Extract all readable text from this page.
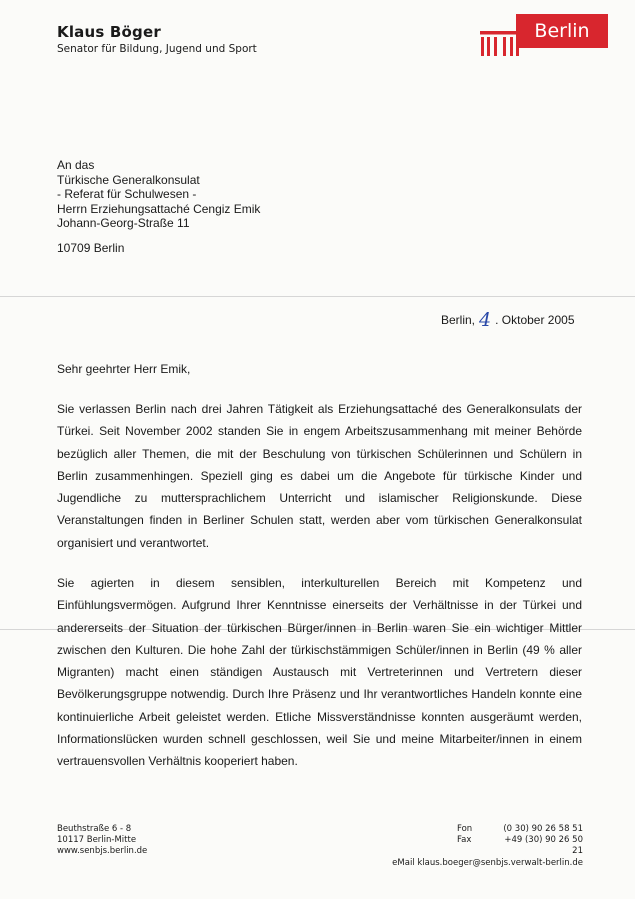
Klaus Böger
Senator für Bildung, Jugend und Sport
Berlin
An das
Türkische Generalkonsulat
- Referat für Schulwesen -
Herrn Erziehungsattaché Cengiz Emik
Johann-Georg-Straße 11
10709 Berlin
Berlin, 4 . Oktober 2005
Sehr geehrter Herr Emik,

Sie verlassen Berlin nach drei Jahren Tätigkeit als Erziehungsattaché des Generalkonsulats der Türkei. Seit November 2002 standen Sie in engem Arbeitszusammenhang mit meiner Behörde bezüglich aller Themen, die mit der Beschulung von türkischen Schülerinnen und Schülern in Berlin zusammenhingen. Speziell ging es dabei um die Angebote für türkische Kinder und Jugendliche zu muttersprachlichem Unterricht und islamischer Religionskunde. Diese Veranstaltungen finden in Berliner Schulen statt, werden aber vom türkischen Generalkonsulat organisiert und verantwortet.

Sie agierten in diesem sensiblen, interkulturellen Bereich mit Kompetenz und Einfühlungsvermögen. Aufgrund Ihrer Kenntnisse einerseits der Verhältnisse in der Türkei und andererseits der Situation der türkischen Bürger/innen in Berlin waren Sie ein wichtiger Mittler zwischen den Kulturen. Die hohe Zahl der türkischstämmigen Schüler/innen in Berlin (49 % aller Migranten) macht einen ständigen Austausch mit Vertreterinnen und Vertretern dieser Bevölkerungsgruppe notwendig. Durch Ihre Präsenz und Ihr verantwortliches Handeln konnte eine kontinuierliche Arbeit geleistet werden. Etliche Missverständnisse konnten ausgeräumt werden, Informationslücken wurden schnell geschlossen, weil Sie und meine Mitarbeiter/innen in einem vertrauensvollen Verhältnis kooperiert haben.

Beuthstraße 6 - 8
10117 Berlin-Mitte
www.senbjs.berlin.de
Fon	(0 30) 90 26 58 51
Fax	+49 (30) 90 26 50 21
eMail klaus.boeger@senbjs.verwalt-berlin.de
